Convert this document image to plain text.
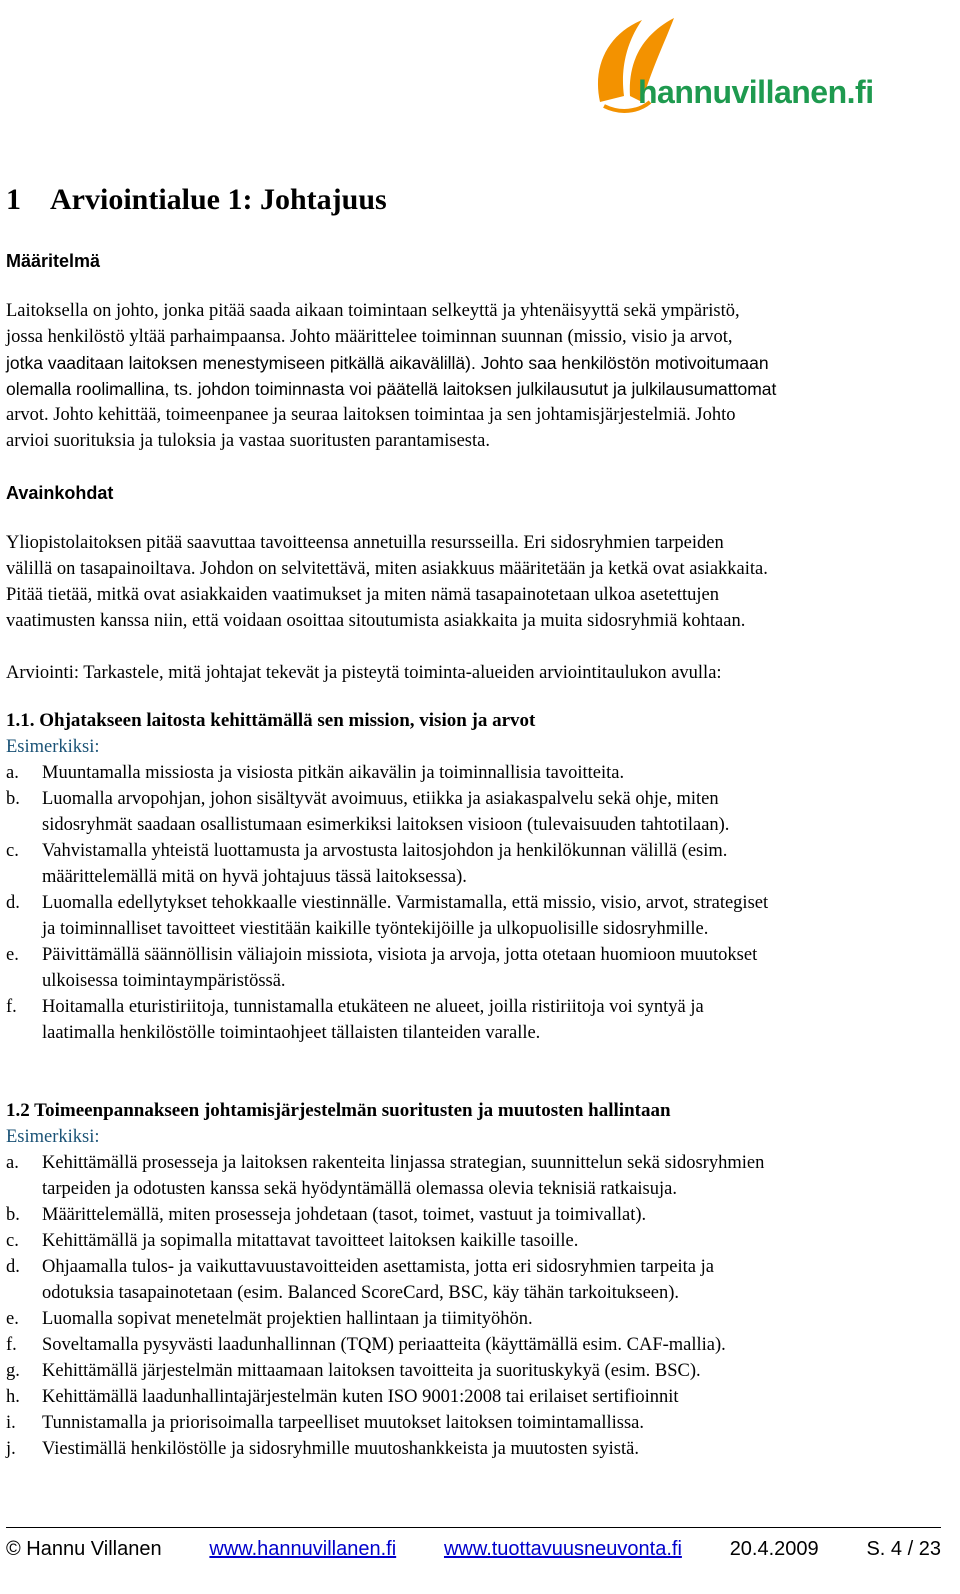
hannuvillanen.fi
1 Arviointialue 1: Johtajuus
Määritelmä

Laitoksella on johto, jonka pitää saada aikaan toimintaan selkeyttä ja yhtenäisyyttä sekä ympäristö,

jossa henkilöstö yltää parhaimpaansa. Johto määrittelee toiminnan suunnan (missio, visio ja arvot,

jotka vaaditaan laitoksen menestymiseen pitkällä aikavälillä). Johto saa henkilöstön motivoitumaan

olemalla roolimallina, ts. johdon toiminnasta voi päätellä laitoksen julkilausutut ja julkilausumattomat

arvot. Johto kehittää, toimeenpanee ja seuraa laitoksen toimintaa ja sen johtamisjärjestelmiä. Johto

arvioi suorituksia ja tuloksia ja vastaa suoritusten parantamisesta.

Avainkohdat

Yliopistolaitoksen pitää saavuttaa tavoitteensa annetuilla resursseilla. Eri sidosryhmien tarpeiden

välillä on tasapainoiltava. Johdon on selvitettävä, miten asiakkuus määritetään ja ketkä ovat asiakkaita.

Pitää tietää, mitkä ovat asiakkaiden vaatimukset ja miten nämä tasapainotetaan ulkoa asetettujen

vaatimusten kanssa niin, että voidaan osoittaa sitoutumista asiakkaita ja muita sidosryhmiä kohtaan.

Arviointi: Tarkastele, mitä johtajat tekevät ja pisteytä toiminta-alueiden arviointitaulukon avulla:

1.1. Ohjatakseen laitosta kehittämällä sen mission, vision ja arvot

Esimerkiksi:

a. Muuntamalla missiosta ja visiosta pitkän aikavälin ja toiminnallisia tavoitteita.
b. Luomalla arvopohjan, johon sisältyvät avoimuus, etiikka ja asiakaspalvelu sekä ohje, miten
sidosryhmät saadaan osallistumaan esimerkiksi laitoksen visioon (tulevaisuuden tahtotilaan).
c. Vahvistamalla yhteistä luottamusta ja arvostusta laitosjohdon ja henkilökunnan välillä (esim.
määrittelemällä mitä on hyvä johtajuus tässä laitoksessa).
d. Luomalla edellytykset tehokkaalle viestinnälle. Varmistamalla, että missio, visio, arvot, strategiset
ja toiminnalliset tavoitteet viestitään kaikille työntekijöille ja ulkopuolisille sidosryhmille.
e. Päivittämällä säännöllisin väliajoin missiota, visiota ja arvoja, jotta otetaan huomioon muutokset
ulkoisessa toimintaympäristössä.
f. Hoitamalla eturistiriitoja, tunnistamalla etukäteen ne alueet, joilla ristiriitoja voi syntyä ja
laatimalla henkilöstölle toimintaohjeet tällaisten tilanteiden varalle.
1.2 Toimeenpannakseen johtamisjärjestelmän suoritusten ja muutosten hallintaan

Esimerkiksi:

a. Kehittämällä prosesseja ja laitoksen rakenteita linjassa strategian, suunnittelun sekä sidosryhmien
tarpeiden ja odotusten kanssa sekä hyödyntämällä olemassa olevia teknisiä ratkaisuja.
b. Määrittelemällä, miten prosesseja johdetaan (tasot, toimet, vastuut ja toimivallat).
c. Kehittämällä ja sopimalla mitattavat tavoitteet laitoksen kaikille tasoille.
d. Ohjaamalla tulos- ja vaikuttavuustavoitteiden asettamista, jotta eri sidosryhmien tarpeita ja
odotuksia tasapainotetaan (esim. Balanced ScoreCard, BSC, käy tähän tarkoitukseen).
e. Luomalla sopivat menetelmät projektien hallintaan ja tiimityöhön.
f. Soveltamalla pysyvästi laadunhallinnan (TQM) periaatteita (käyttämällä esim. CAF-mallia).
g. Kehittämällä järjestelmän mittaamaan laitoksen tavoitteita ja suorituskykyä (esim. BSC).
h. Kehittämällä laadunhallintajärjestelmän kuten ISO 9001:2008 tai erilaiset sertifioinnit
i. Tunnistamalla ja priorisoimalla tarpeelliset muutokset laitoksen toimintamallissa.
j. Viestimällä henkilöstölle ja sidosryhmille muutoshankkeista ja muutosten syistä.
© Hannu Villanen www.hannuvillanen.fi www.tuottavuusneuvonta.fi 20.4.2009 S. 4 / 23
